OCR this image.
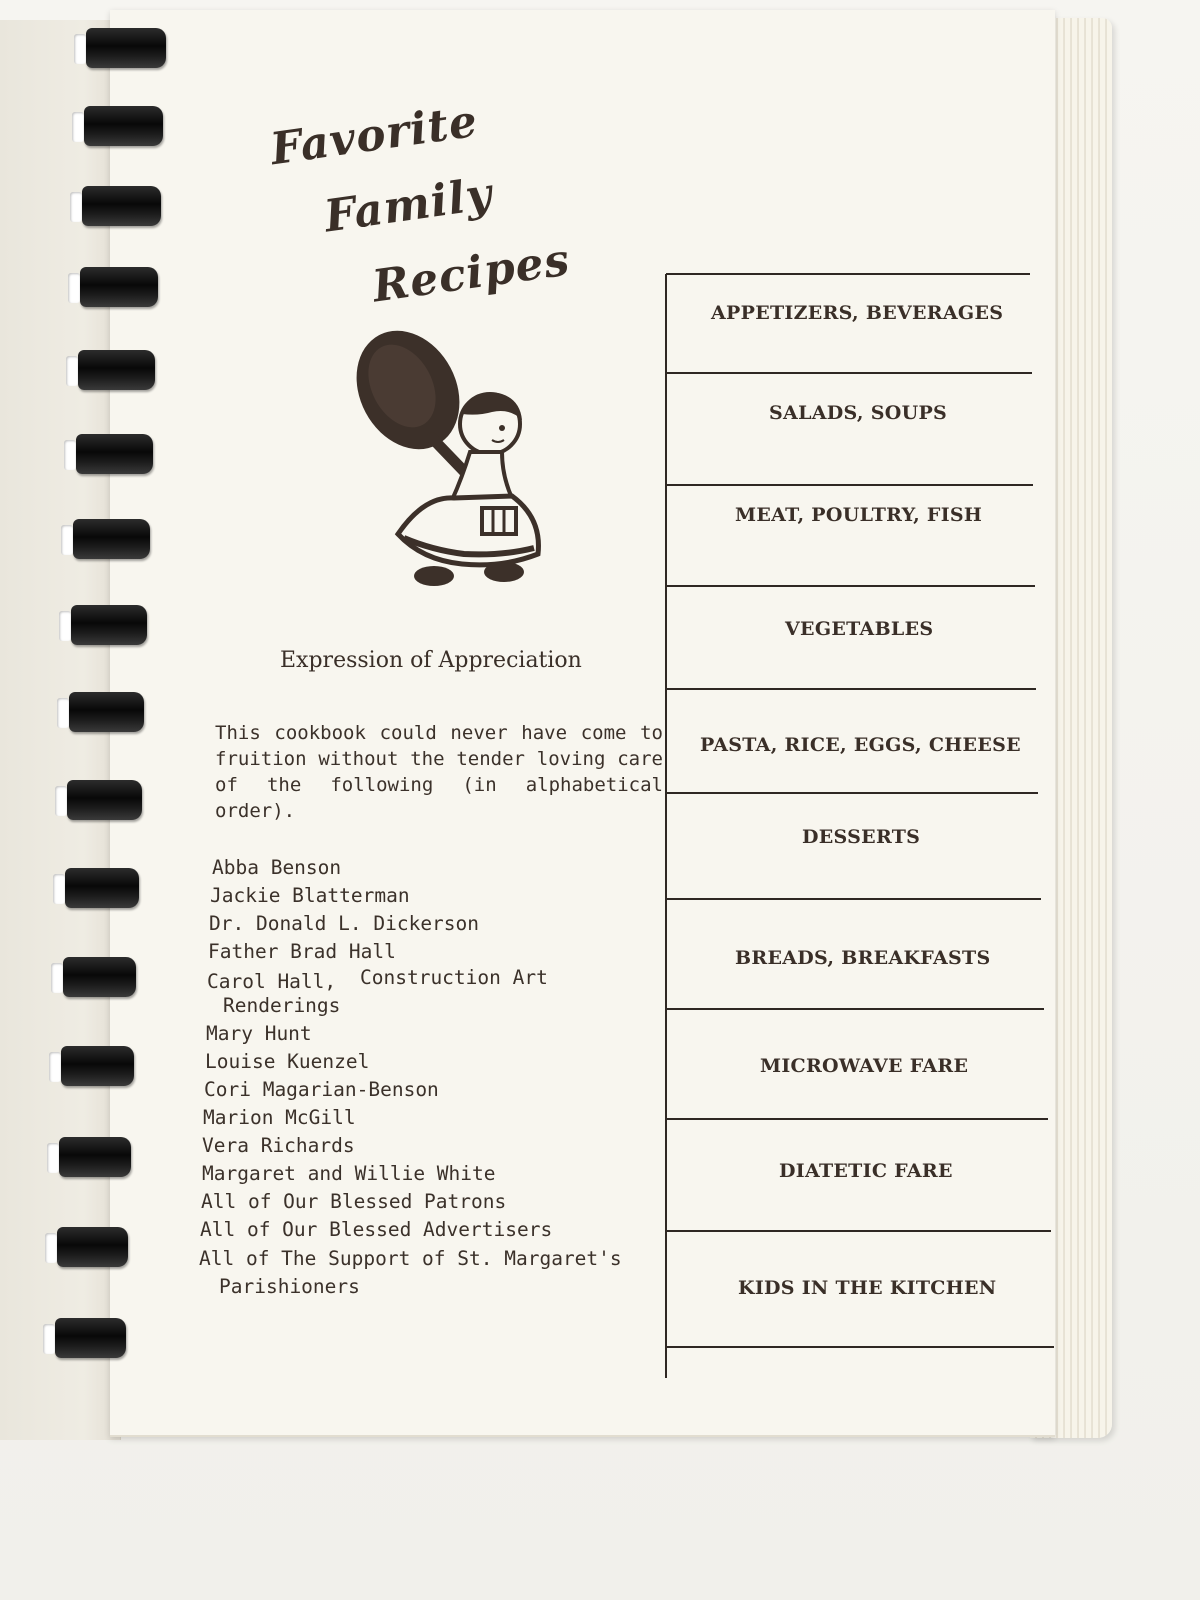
Favorite
Family
Recipes
Expression of Appreciation
This cookbook could never have come to fruition without the tender loving care of the following (in alphabetical order).
Abba Benson
Jackie Blatterman
Dr. Donald L. Dickerson
Father Brad Hall
Carol Hall, Construction Art
Renderings
Mary Hunt
Louise Kuenzel
Cori Magarian-Benson
Marion McGill
Vera Richards
Margaret and Willie White
All of Our Blessed Patrons
All of Our Blessed Advertisers
All of The Support of St. Margaret's
Parishioners
APPETIZERS, BEVERAGES
SALADS, SOUPS
MEAT, POULTRY, FISH
VEGETABLES
PASTA, RICE, EGGS, CHEESE
DESSERTS
BREADS, BREAKFASTS
MICROWAVE FARE
DIATETIC FARE
KIDS IN THE KITCHEN
